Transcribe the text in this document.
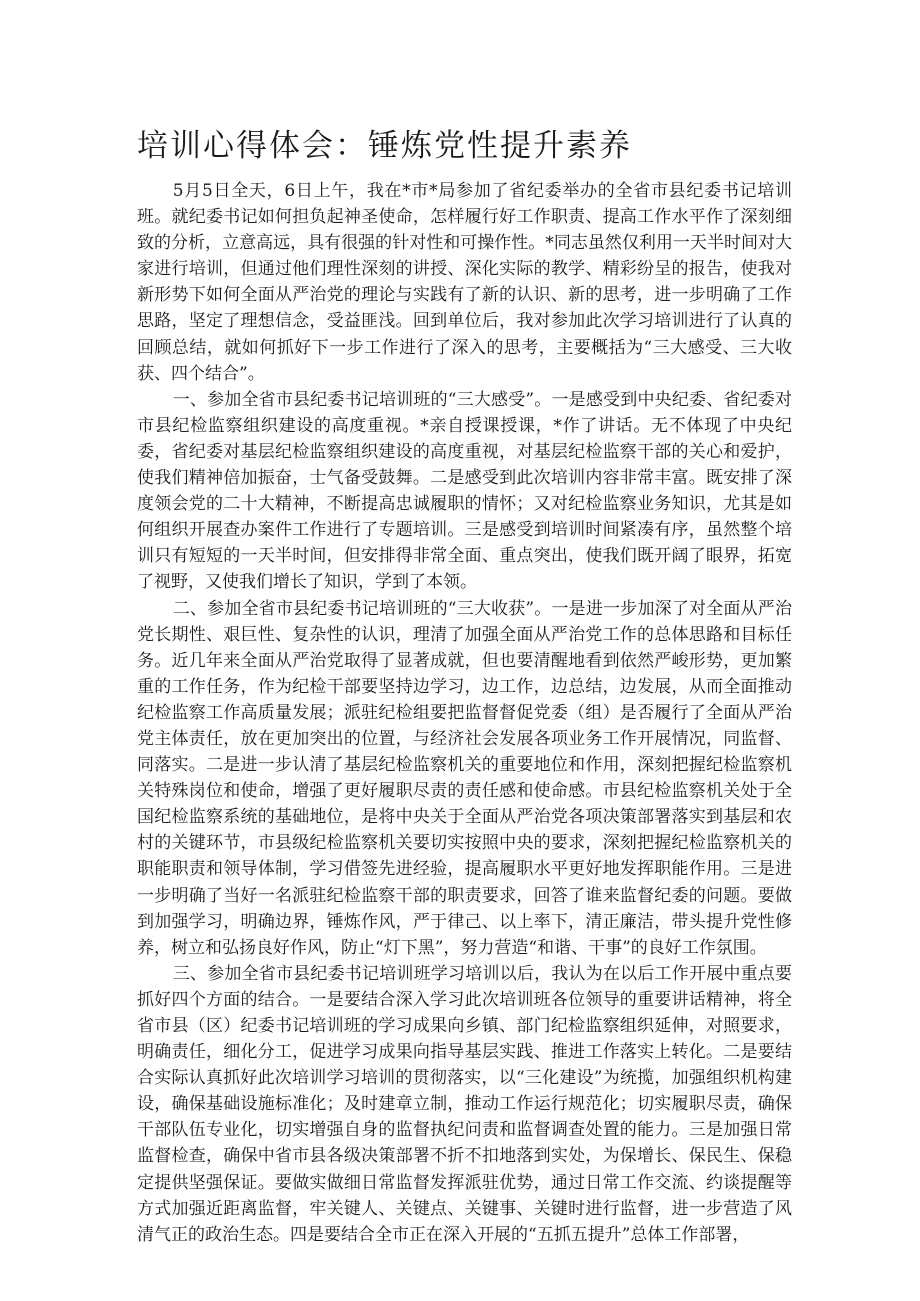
培训心得体会：锤炼党性提升素养

5月5日全天，6日上午，我在*市*局参加了省纪委举办的全省市县纪委书记培训班。就纪委书记如何担负起神圣使命，怎样履行好工作职责、提高工作水平作了深刻细致的分析，立意高远，具有很强的针对性和可操作性。*同志虽然仅利用一天半时间对大家进行培训，但通过他们理性深刻的讲授、深化实际的教学、精彩纷呈的报告，使我对新形势下如何全面从严治党的理论与实践有了新的认识、新的思考，进一步明确了工作思路，坚定了理想信念，受益匪浅。回到单位后，我对参加此次学习培训进行了认真的回顾总结，就如何抓好下一步工作进行了深入的思考，主要概括为“三大感受、三大收获、四个结合”。

一、参加全省市县纪委书记培训班的“三大感受”。一是感受到中央纪委、省纪委对市县纪检监察组织建设的高度重视。*亲自授课授课，*作了讲话。无不体现了中央纪委，省纪委对基层纪检监察组织建设的高度重视，对基层纪检监察干部的关心和爱护，使我们精神倍加振奋，士气备受鼓舞。二是感受到此次培训内容非常丰富。既安排了深度领会党的二十大精神，不断提高忠诚履职的情怀；又对纪检监察业务知识，尤其是如何组织开展查办案件工作进行了专题培训。三是感受到培训时间紧凑有序，虽然整个培训只有短短的一天半时间，但安排得非常全面、重点突出，使我们既开阔了眼界，拓宽了视野，又使我们增长了知识，学到了本领。

二、参加全省市县纪委书记培训班的“三大收获”。一是进一步加深了对全面从严治党长期性、艰巨性、复杂性的认识，理清了加强全面从严治党工作的总体思路和目标任务。近几年来全面从严治党取得了显著成就，但也要清醒地看到依然严峻形势，更加繁重的工作任务，作为纪检干部要坚持边学习，边工作，边总结，边发展，从而全面推动纪检监察工作高质量发展；派驻纪检组要把监督督促党委（组）是否履行了全面从严治党主体责任，放在更加突出的位置，与经济社会发展各项业务工作开展情况，同监督、同落实。二是进一步认清了基层纪检监察机关的重要地位和作用，深刻把握纪检监察机关特殊岗位和使命，增强了更好履职尽责的责任感和使命感。市县纪检监察机关处于全国纪检监察系统的基础地位，是将中央关于全面从严治党各项决策部署落实到基层和农村的关键环节，市县级纪检监察机关要切实按照中央的要求，深刻把握纪检监察机关的职能职责和领导体制，学习借签先进经验，提高履职水平更好地发挥职能作用。三是进一步明确了当好一名派驻纪检监察干部的职责要求，回答了谁来监督纪委的问题。要做到加强学习，明确边界，锤炼作风，严于律己、以上率下，清正廉洁，带头提升党性修养，树立和弘扬良好作风，防止“灯下黑”，努力营造“和谐、干事”的良好工作氛围。

三、参加全省市县纪委书记培训班学习培训以后，我认为在以后工作开展中重点要抓好四个方面的结合。一是要结合深入学习此次培训班各位领导的重要讲话精神，将全省市县（区）纪委书记培训班的学习成果向乡镇、部门纪检监察组织延伸，对照要求，明确责任，细化分工，促进学习成果向指导基层实践、推进工作落实上转化。二是要结合实际认真抓好此次培训学习培训的贯彻落实，以“三化建设”为统揽，加强组织机构建设，确保基础设施标准化；及时建章立制，推动工作运行规范化；切实履职尽责，确保干部队伍专业化，切实增强自身的监督执纪问责和监督调查处置的能力。三是加强日常监督检查，确保中省市县各级决策部署不折不扣地落到实处，为保增长、保民生、保稳定提供坚强保证。要做实做细日常监督发挥派驻优势，通过日常工作交流、约谈提醒等方式加强近距离监督，牢关键人、关键点、关键事、关键时进行监督，进一步营造了风清气正的政治生态。四是要结合全市正在深入开展的“五抓五提升”总体工作部署，
